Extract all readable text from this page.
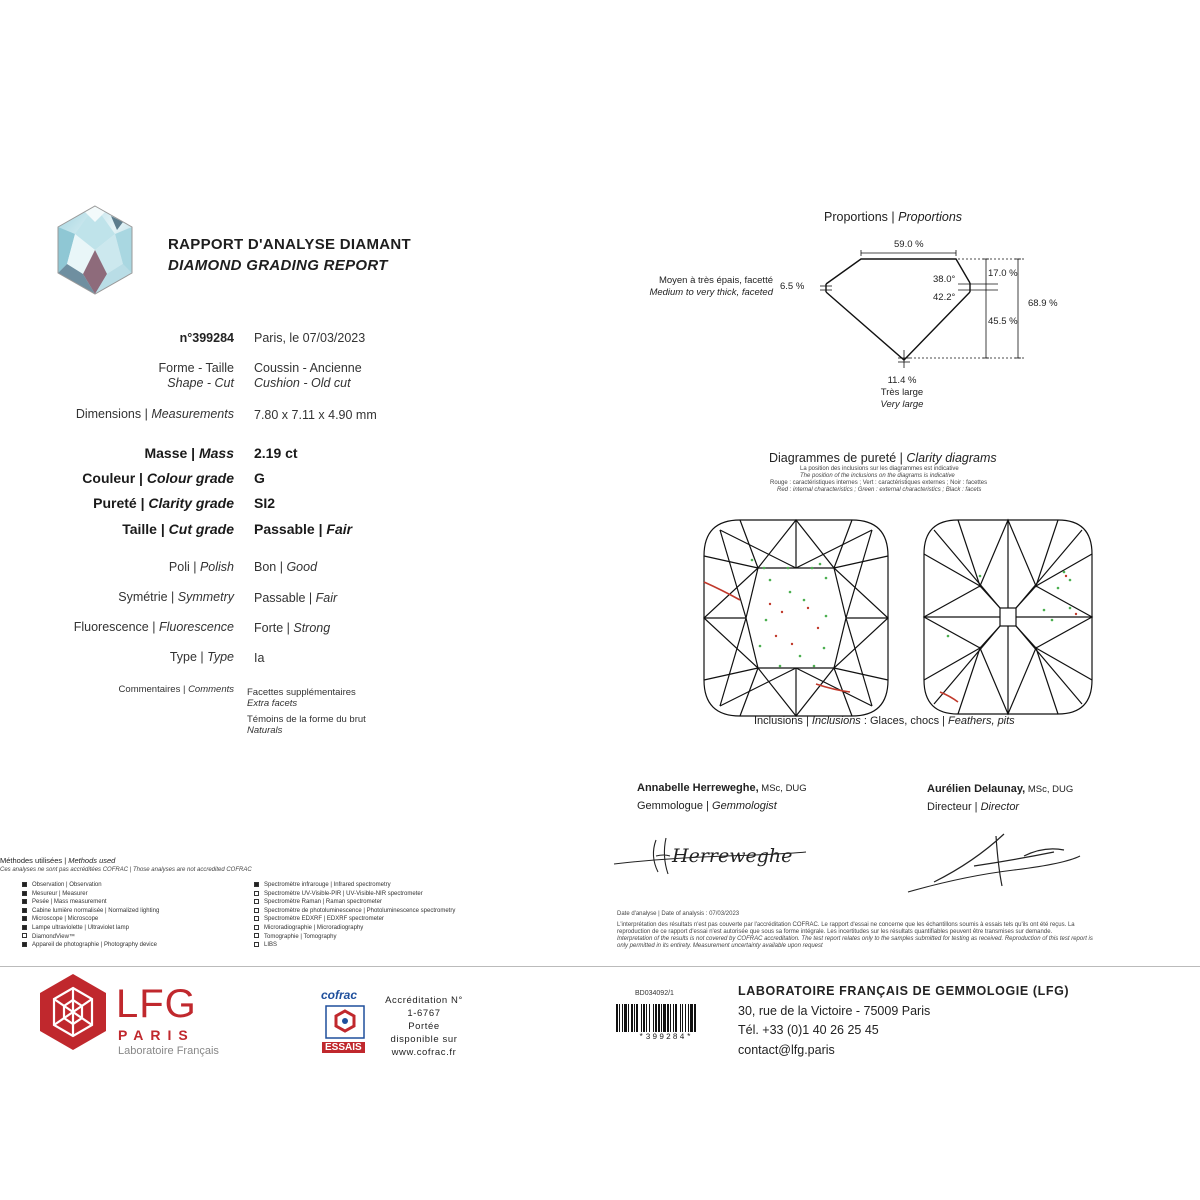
RAPPORT D'ANALYSE DIAMANT
DIAMOND GRADING REPORT
n°399284 Paris, le 07/03/2023
Forme - Taille
Shape - Cut
Coussin - Ancienne
Cushion - Old cut
Dimensions | Measurements 7.80 x 7.11 x 4.90 mm
Masse | Mass 2.19 ct
Couleur | Colour grade G
Pureté | Clarity grade SI2
Taille | Cut grade Passable | Fair
Poli | Polish Bon | Good
Symétrie | Symmetry Passable | Fair
Fluorescence | Fluorescence Forte | Strong
Type | Type Ia
Commentaires | Comments Facettes supplémentaires
Extra facets
Témoins de la forme du brut
Naturals
Proportions | Proportions
59.0 %
38.0°
42.2°
17.0 %
45.5 %
68.9 %
6.5 %
Moyen à très épais, facetté
Medium to very thick, faceted
11.4 %
Très large
Very large
Diagrammes de pureté | Clarity diagrams
La position des inclusions sur les diagrammes est indicative
The position of the inclusions on the diagrams is indicative
Rouge : caractéristiques internes ; Vert : caractéristiques externes ; Noir : facettes
Red : internal characteristics ; Green : external characteristics ; Black : facets
Inclusions | Inclusions : Glaces, chocs | Feathers, pits
Annabelle Herreweghe, MSc, DUG
Gemmologue | Gemmologist
Aurélien Delaunay, MSc, DUG
Directeur | Director
Herreweghe
Méthodes utilisées | Methods used
Ces analyses ne sont pas accréditées COFRAC | Those analyses are not accredited COFRAC
Observation | Observation
Mesureur | Measurer
Pesée | Mass measurement
Cabine lumière normalisée | Normalized lighting
Microscope | Microscope
Lampe ultraviolette | Ultraviolet lamp
DiamondView™
Appareil de photographie | Photography device
Spectromètre infrarouge | Infrared spectrometry
Spectromètre UV-Visible-PIR | UV-Visible-NIR spectrometer
Spectromètre Raman | Raman spectrometer
Spectromètre de photoluminescence | Photoluminescence spectrometry
Spectromètre EDXRF | EDXRF spectrometer
Microradiographie | Microradiography
Tomographie | Tomography
LIBS
Date d'analyse | Date of analysis : 07/03/2023
L'interprétation des résultats n'est pas couverte par l'accréditation COFRAC. Le rapport d'essai ne concerne que les échantillons soumis à essais tels qu'ils ont été reçus. La
reproduction de ce rapport d'essai n'est autorisée que sous sa forme intégrale. Les incertitudes sur les résultats quantifiables peuvent être transmises sur demande.
Interpretation of the results is not covered by COFRAC accreditation. The test report relates only to the samples submitted for testing as received. Reproduction of this test report is
only permitted in its entirety. Measurement uncertainty available upon request
LFG
PARIS
Laboratoire Français
cofrac
ESSAIS
Accréditation N°
1-6767
Portée
disponible sur
www.cofrac.fr
BD034092/1
*399284*
LABORATOIRE FRANÇAIS DE GEMMOLOGIE (LFG)
30, rue de la Victoire - 75009 Paris
Tél. +33 (0)1 40 26 25 45
contact@lfg.paris
